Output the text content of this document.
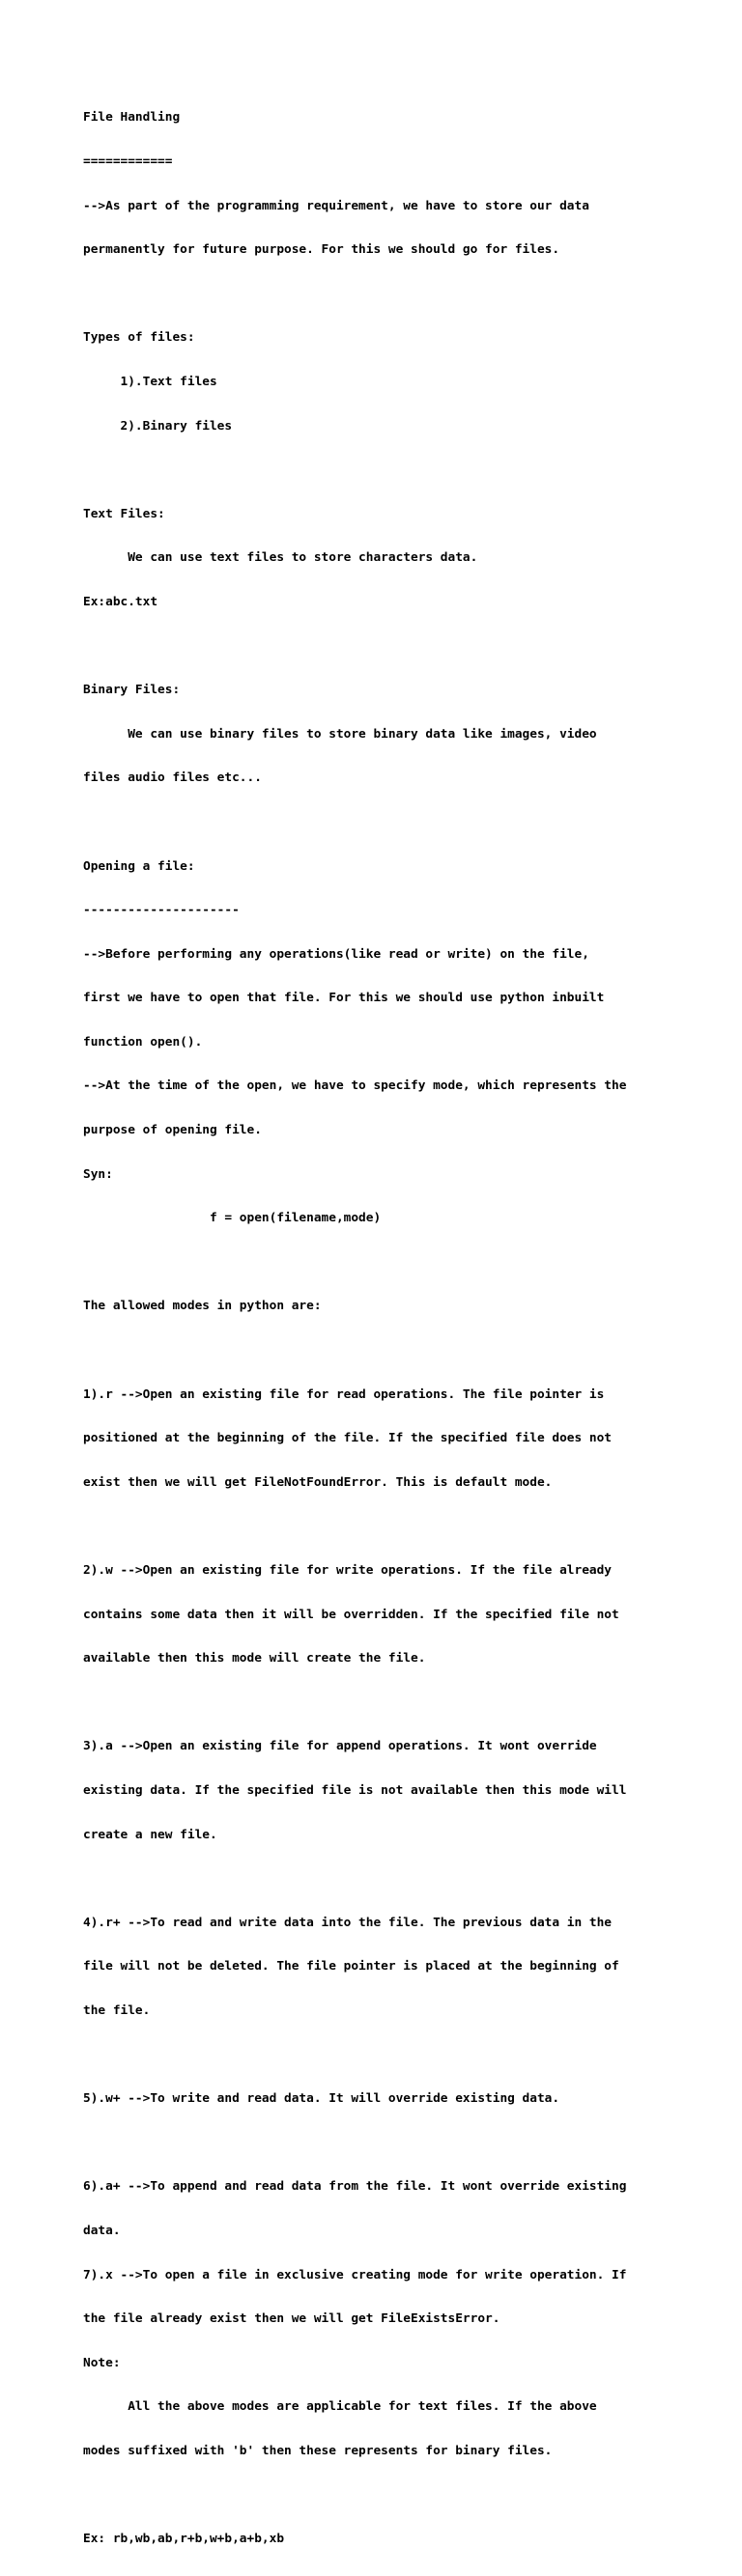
File Handling

============

-->As part of the programming requirement, we have to store our data

permanently for future purpose. For this we should go for files.

Types of files:

1).Text files

2).Binary files

Text Files:

We can use text files to store characters data.

Ex:abc.txt

Binary Files:

We can use binary files to store binary data like images, video

files audio files etc...

Opening a file:

---------------------

-->Before performing any operations(like read or write) on the file,

first we have to open that file. For this we should use python inbuilt

function open().

-->At the time of the open, we have to specify mode, which represents the

purpose of opening file.

Syn:

f = open(filename,mode)

The allowed modes in python are:

1).r -->Open an existing file for read operations. The file pointer is

positioned at the beginning of the file. If the specified file does not

exist then we will get FileNotFoundError. This is default mode.

2).w -->Open an existing file for write operations. If the file already

contains some data then it will be overridden. If the specified file not

available then this mode will create the file.

3).a -->Open an existing file for append operations. It wont override

existing data. If the specified file is not available then this mode will

create a new file.

4).r+ -->To read and write data into the file. The previous data in the

file will not be deleted. The file pointer is placed at the beginning of

the file.

5).w+ -->To write and read data. It will override existing data.

6).a+ -->To append and read data from the file. It wont override existing

data.

7).x -->To open a file in exclusive creating mode for write operation. If

the file already exist then we will get FileExistsError.

Note:

All the above modes are applicable for text files. If the above

modes suffixed with 'b' then these represents for binary files.

Ex: rb,wb,ab,r+b,w+b,a+b,xb
